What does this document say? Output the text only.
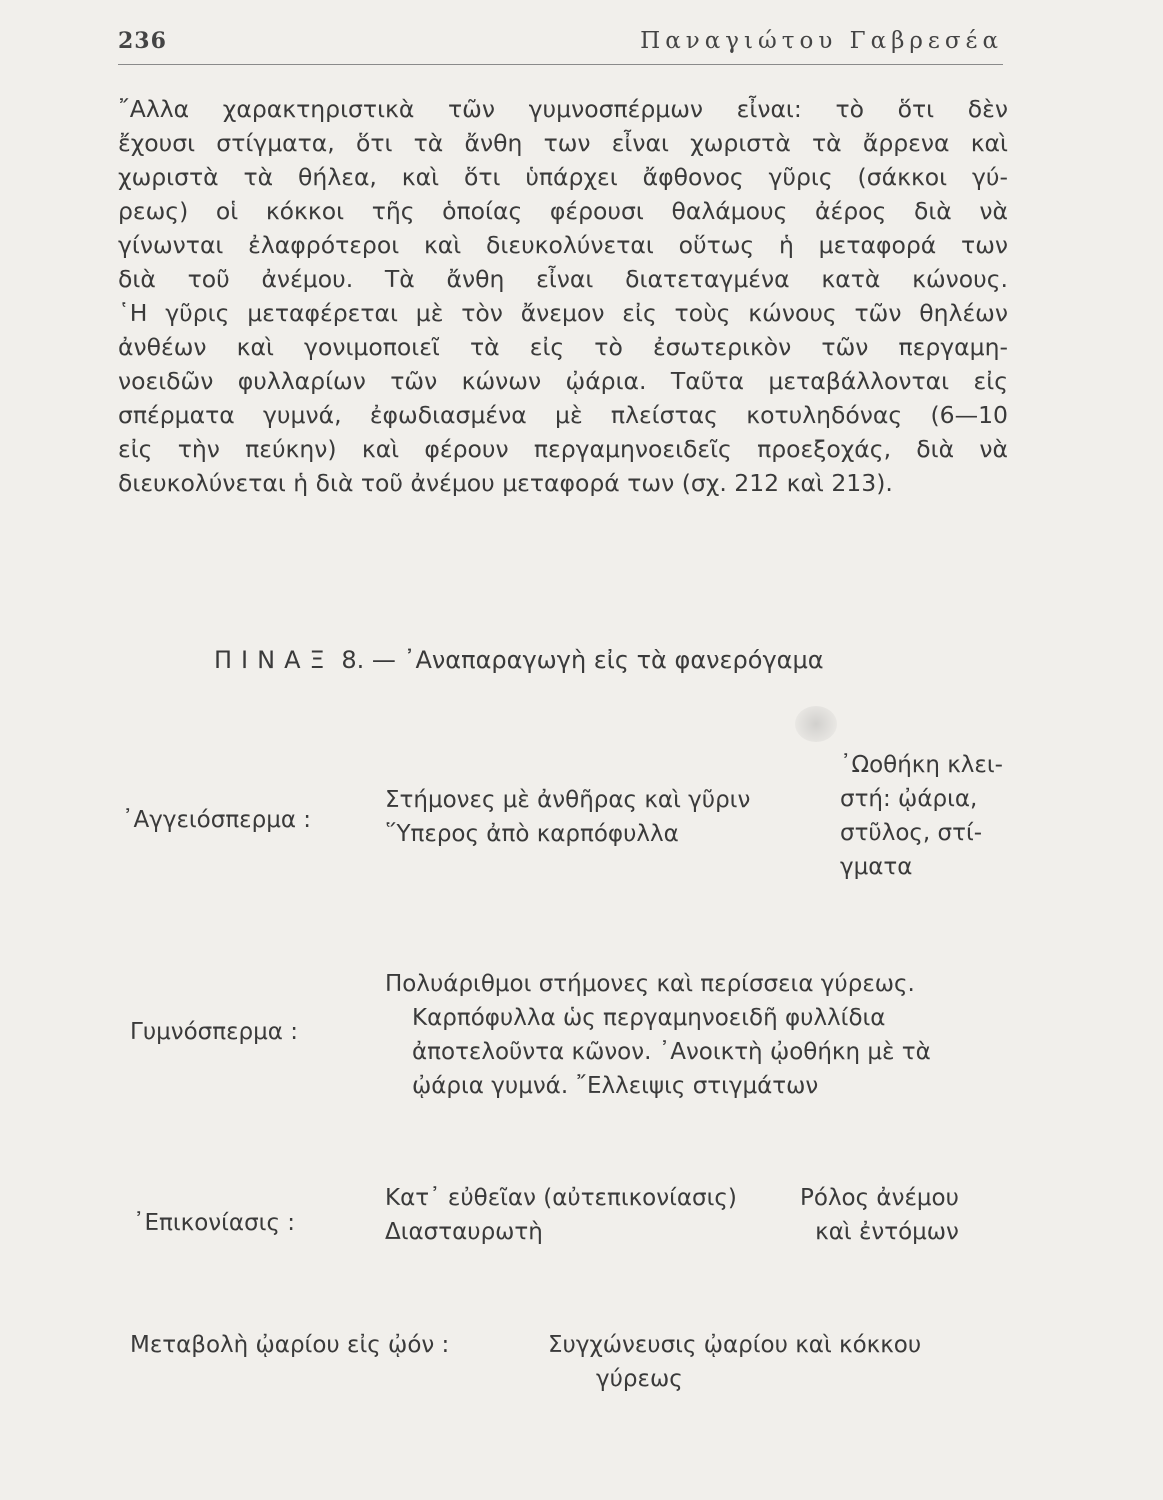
236	Παναγιώτου Γαβρεσέα
῎Αλλα χαρακτηριστικὰ τῶν γυμνοσπέρμων εἶναι: τὸ ὅτι δὲν
ἔχουσι στίγματα, ὅτι τὰ ἄνθη των εἶναι χωριστὰ τὰ ἄρρενα καὶ
χωριστὰ τὰ θήλεα, καὶ ὅτι ὑπάρχει ἄφθονος γῦρις (σάκκοι γύ-
ρεως) οἱ κόκκοι τῆς ὁποίας φέρουσι θαλάμους ἀέρος διὰ νὰ
γίνωνται ἐλαφρότεροι καὶ διευκολύνεται οὕτως ἡ μεταφορά των
διὰ τοῦ ἀνέμου. Τὰ ἄνθη εἶναι διατεταγμένα κατὰ κώνους.
῾Η γῦρις μεταφέρεται μὲ τὸν ἄνεμον εἰς τοὺς κώνους τῶν θηλέων
ἀνθέων καὶ γονιμοποιεῖ τὰ εἰς τὸ ἐσωτερικὸν τῶν περγαμη-
νοειδῶν φυλλαρίων τῶν κώνων ᾠάρια. Ταῦτα μεταβάλλονται εἰς
σπέρματα γυμνά, ἐφωδιασμένα μὲ πλείστας κοτυληδόνας (6—10
εἰς τὴν πεύκην) καὶ φέρουν περγαμηνοειδεῖς προεξοχάς, διὰ νὰ
διευκολύνεται ἡ διὰ τοῦ ἀνέμου μεταφορά των (σχ. 212 καὶ 213).
ΠΙΝΑΞ 8. — ᾿Αναπαραγωγὴ εἰς τὰ φανερόγαμα
᾿Αγγειόσπερμα :
Στήμονες μὲ ἀνθῆρας καὶ γῦριν
῞Υπερος ἀπὸ καρπόφυλλα
᾿Ωοθήκη κλει-
στή: ᾠάρια,
στῦλος, στί-
γματα
Γυμνόσπερμα :
Πολυάριθμοι στήμονες καὶ περίσσεια γύρεως.
Καρπόφυλλα ὡς περγαμηνοειδῆ φυλλίδια
ἀποτελοῦντα κῶνον. ᾿Ανοικτὴ ᾠοθήκη μὲ τὰ
ᾠάρια γυμνά. ῎Ελλειψις στιγμάτων
᾿Επικονίασις :
Κατ᾿ εὐθεῖαν (αὐτεπικονίασις)
Διασταυρωτὴ
Ρόλος ἀνέμου
καὶ ἐντόμων
Μεταβολὴ ᾠαρίου εἰς ᾠόν :	Συγχώνευσις ᾠαρίου καὶ κόκκου
γύρεως
